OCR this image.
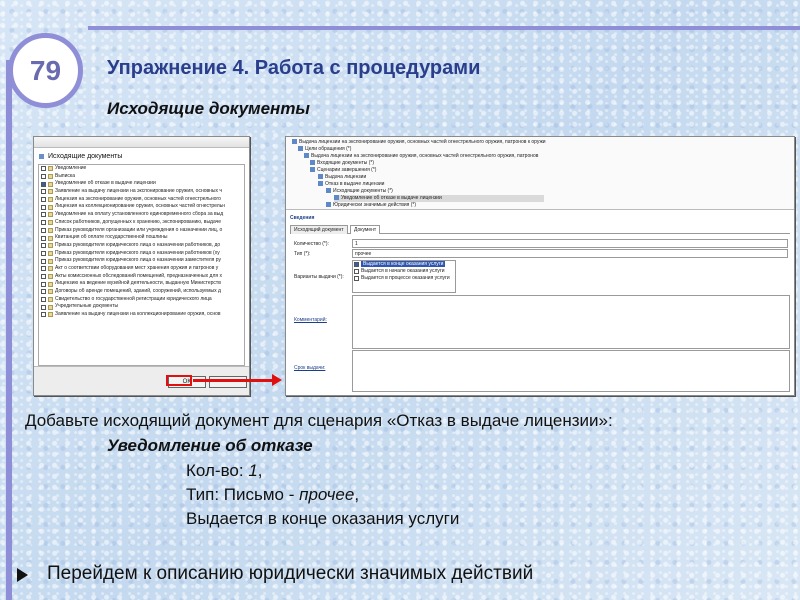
79	Упражнение 4. Работа с процедурами
Исходящие документы
Исходящие документы
Уведомление
Выписка
Уведомление об отказе в выдаче лицензии
Заявление на выдачу лицензии на экспонирование оружия, основных ч
Лицензия на экспонирование оружия, основных частей огнестрельного
Лицензия на коллекционирование оружия, основных частей огнестрельн
Уведомление на оплату установленного единовременного сбора за выд
Список работников, допущенных к хранению, экспонированию, выдаче
Приказ руководителя организации или учреждения о назначении лиц, о
Квитанция об оплате государственной пошлины
Приказ руководителя юридического лица о назначении работников, до
Приказ руководителя юридического лица о назначении работников (ху
Приказ руководителя юридического лица о назначении заместителя ру
Акт о соответствии оборудования мест хранения оружия и патронов у
Акты комиссионных обследований помещений, предназначенных для х
Лицензию на ведение музейной деятельности, выданную Министерств
Договоры об аренде помещений, зданий, сооружений, используемых д
Свидетельство о государственной регистрации юридического лица
Учредительные документы
Заявление на выдачу лицензии на коллекционирование оружия, основ
OK
Выдача лицензии на экспонирование оружия, основных частей огнестрельного оружия, патронов к оружи
Цели обращения (*)
Выдача лицензии на экспонирование оружия, основных частей огнестрельного оружия, патронов
Входящие документы (*)
Сценарии завершения (*)
Выдача лицензии
Отказ в выдаче лицензии
Исходящие документы (*)
Уведомление об отказе в выдаче лицензии
Юридически значимые действия (*)
Сведения
Исходящий документ	Документ
Количество (*):	1
Тип (*):	прочее
Варианты выдачи (*):
Выдается в конце оказания услуги
Выдается в начале оказания услуги
Выдается в процессе оказания услуги
Комментарий:
Срок выдачи:
Добавьте исходящий документ для сценария «Отказ в выдаче лицензии»:
Уведомление об отказе
Кол-во: 1,
Тип: Письмо - прочее,
Выдается в конце оказания услуги
Перейдем к описанию юридически значимых действий
